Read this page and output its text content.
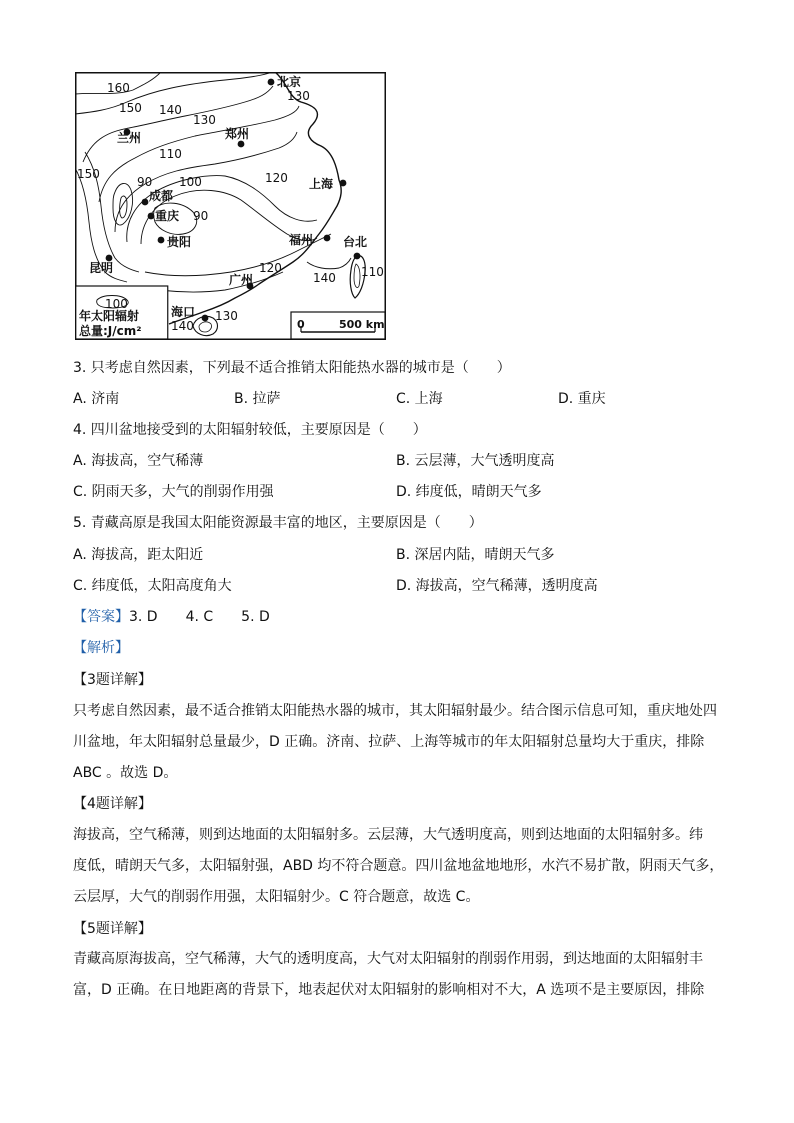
北京
兰州	郑州
成都
重庆
贵阳
昆明
上海
福州 台北
广州
海口
160
150 140
130
130
110
100
150
90
90
120
120
140 110
100
140
130
年太阳辐射
总量:J/cm²	0	500 km
3. 只考虑自然因素，下列最不适合推销太阳能热水器的城市是（　　）
A. 济南	B. 拉萨	C. 上海	D. 重庆
4. 四川盆地接受到的太阳辐射较低，主要原因是（　　）
A. 海拔高，空气稀薄	B. 云层薄，大气透明度高
C. 阴雨天多，大气的削弱作用强	D. 纬度低，晴朗天气多
5. 青藏高原是我国太阳能资源最丰富的地区，主要原因是（　　）
A. 海拔高，距太阳近	B. 深居内陆，晴朗天气多
C. 纬度低，太阳高度角大	D. 海拔高，空气稀薄，透明度高
【答案】3. D　　4. C　　5. D
【解析】
【3题详解】
只考虑自然因素，最不适合推销太阳能热水器的城市，其太阳辐射最少。结合图示信息可知，重庆地处四
川盆地，年太阳辐射总量最少，D 正确。济南、拉萨、上海等城市的年太阳辐射总量均大于重庆，排除
ABC 。故选 D。
【4题详解】
海拔高，空气稀薄，则到达地面的太阳辐射多。云层薄，大气透明度高，则到达地面的太阳辐射多。纬
度低，晴朗天气多，太阳辐射强，ABD 均不符合题意。四川盆地盆地地形，水汽不易扩散，阴雨天气多，
云层厚，大气的削弱作用强，太阳辐射少。C 符合题意，故选 C。
【5题详解】
青藏高原海拔高，空气稀薄，大气的透明度高，大气对太阳辐射的削弱作用弱，到达地面的太阳辐射丰
富，D 正确。在日地距离的背景下，地表起伏对太阳辐射的影响相对不大，A 选项不是主要原因，排除
